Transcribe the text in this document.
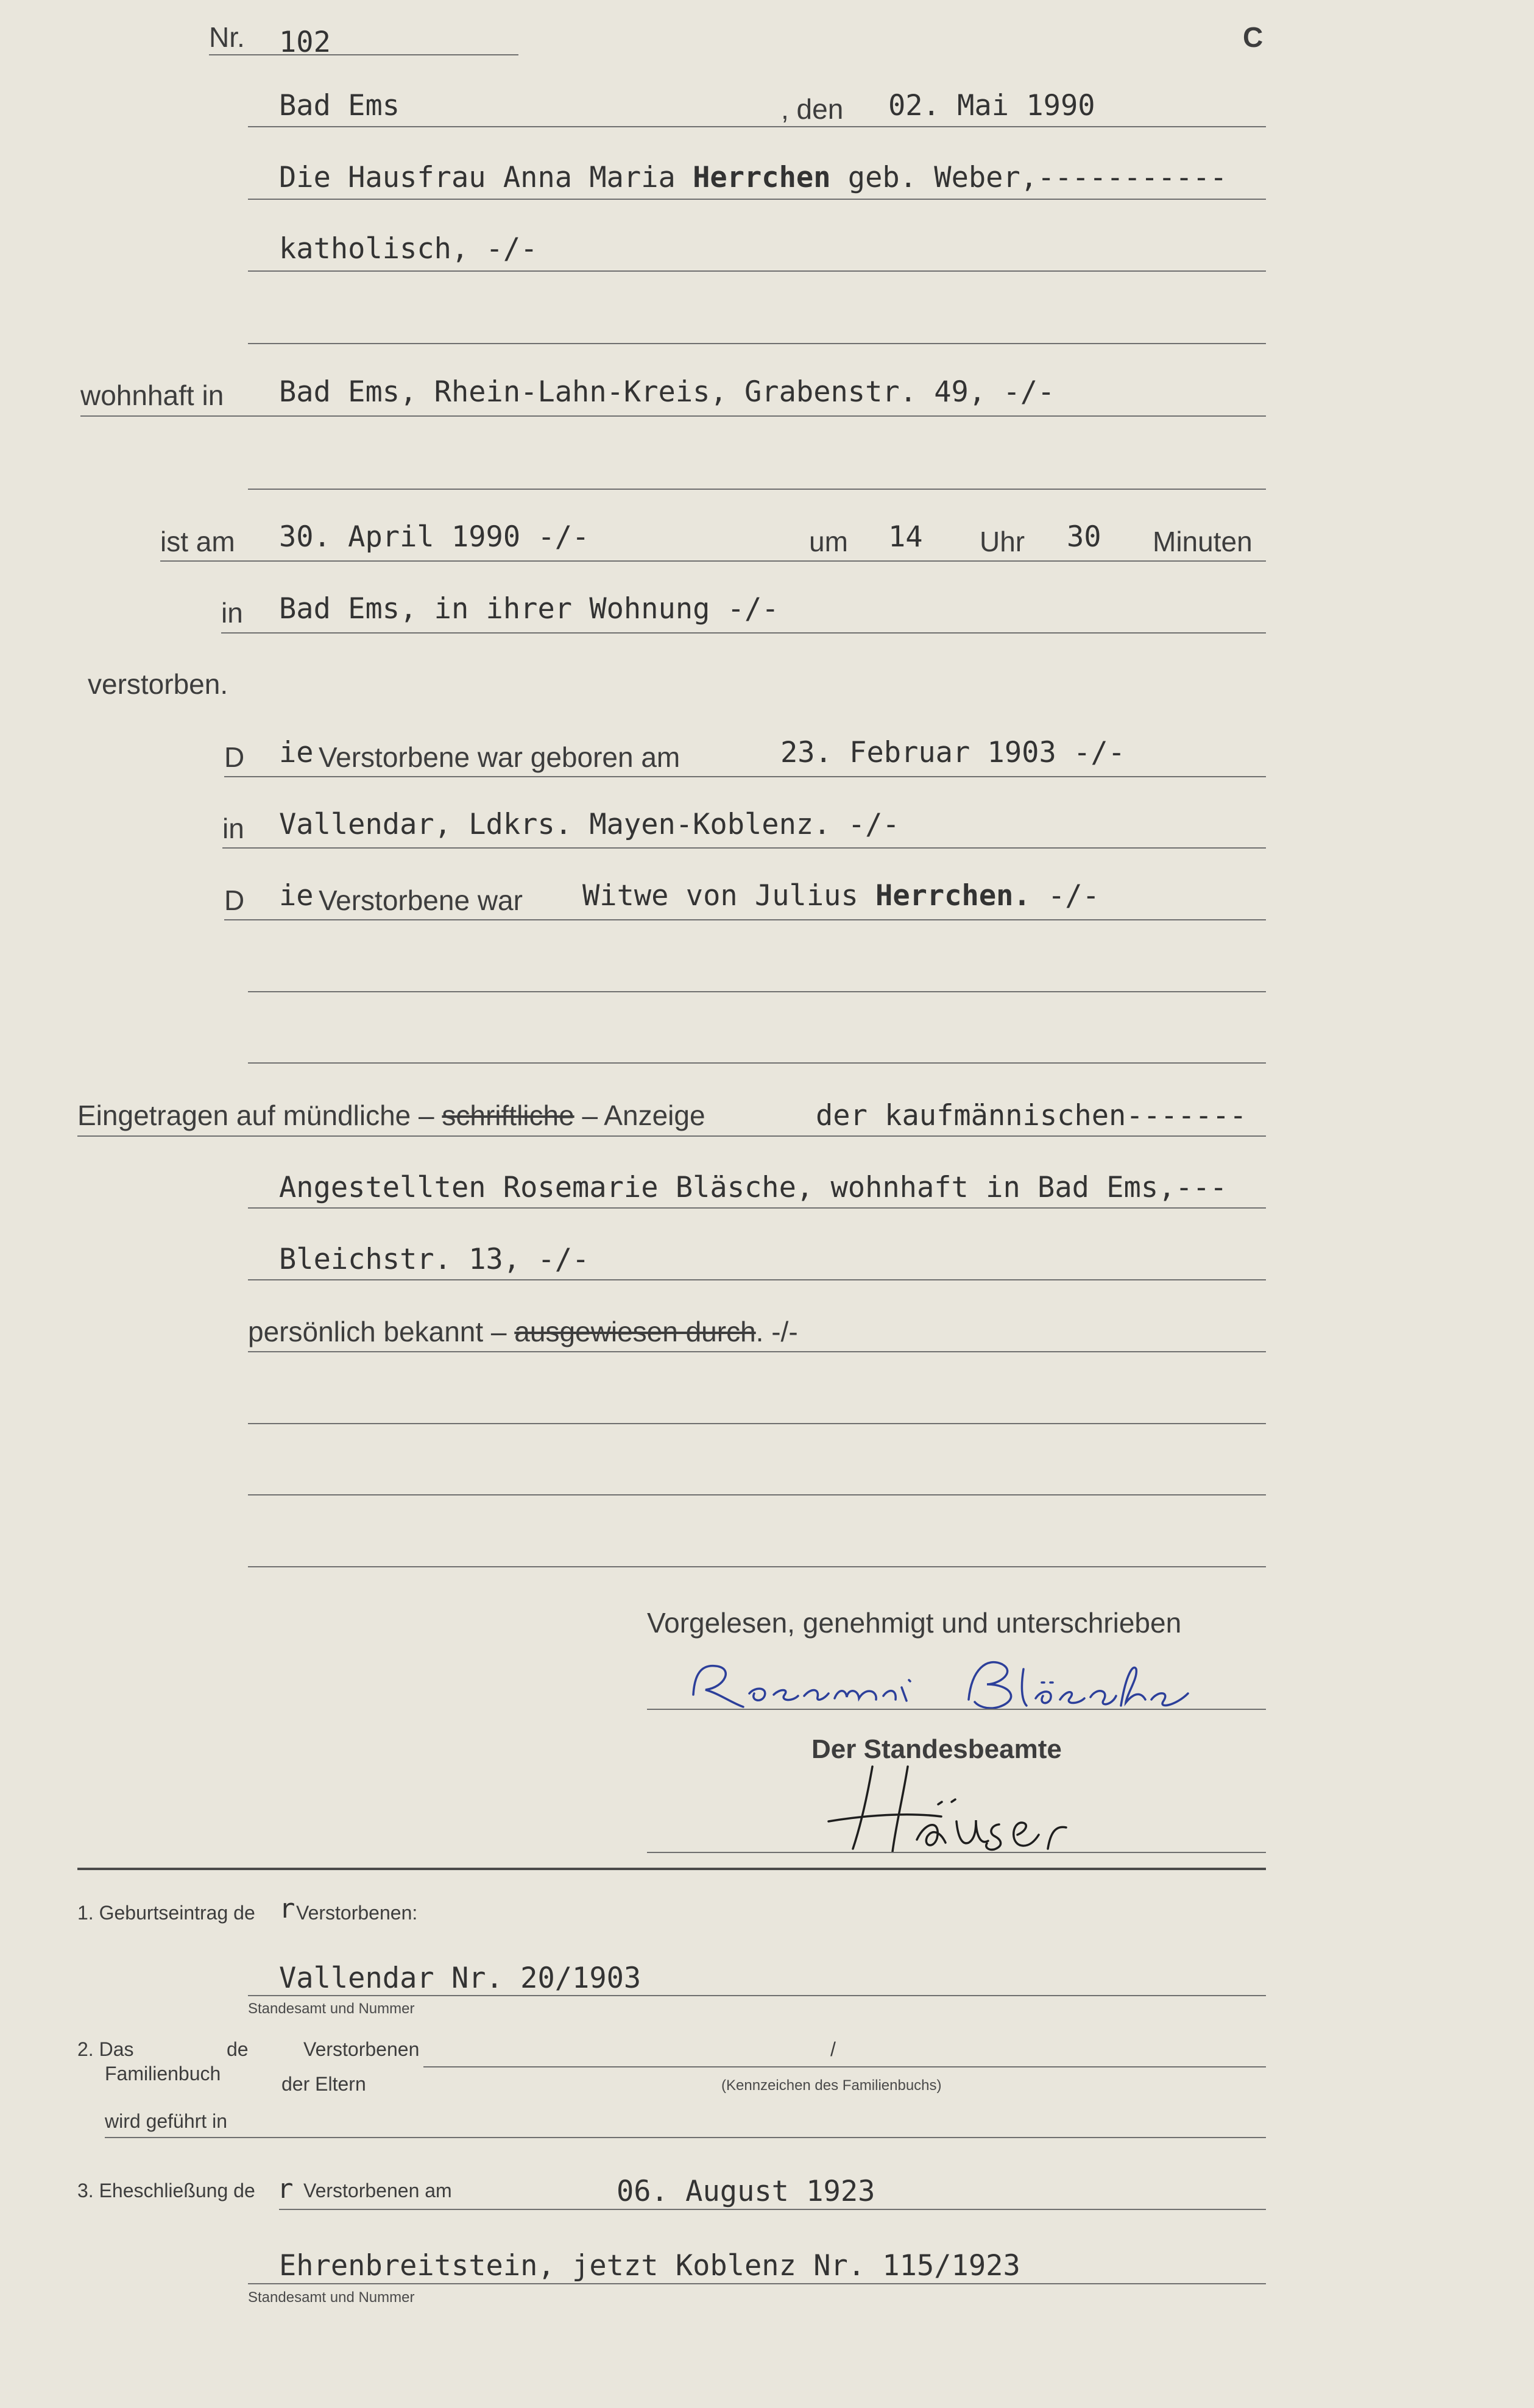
Nr. 102	C
Bad Ems	, den 02. Mai 1990
Die Hausfrau Anna Maria Herrchen geb. Weber,-----------
katholisch, -/-
wohnhaft in Bad Ems, Rhein-Lahn-Kreis, Grabenstr. 49, -/-
ist am 30. April 1990 -/-	um 14 Uhr 30 Minuten
in Bad Ems, in ihrer Wohnung -/-
verstorben.
D ie Verstorbene war geboren am	23. Februar 1903 -/-
in Vallendar, Ldkrs. Mayen-Koblenz. -/-
D ie Verstorbene war Witwe von Julius Herrchen. -/-
Eingetragen auf mündliche – schriftliche – Anzeige	der kaufmännischen-------
Angestellten Rosemarie Bläsche, wohnhaft in Bad Ems,---
Bleichstr. 13, -/-
persönlich bekannt – ausgewiesen durch. -/-
Vorgelesen, genehmigt und unterschrieben
Der Standesbeamte
1. Geburtseintrag de r Verstorbenen:
Vallendar Nr. 20/1903
Standesamt und Nummer
2. Das	de	Verstorbenen	/
Familienbuch	der Eltern	(Kennzeichen des Familienbuchs)
wird geführt in
3. Eheschließung de r Verstorbenen am	06. August 1923
Ehrenbreitstein, jetzt Koblenz Nr. 115/1923
Standesamt und Nummer
